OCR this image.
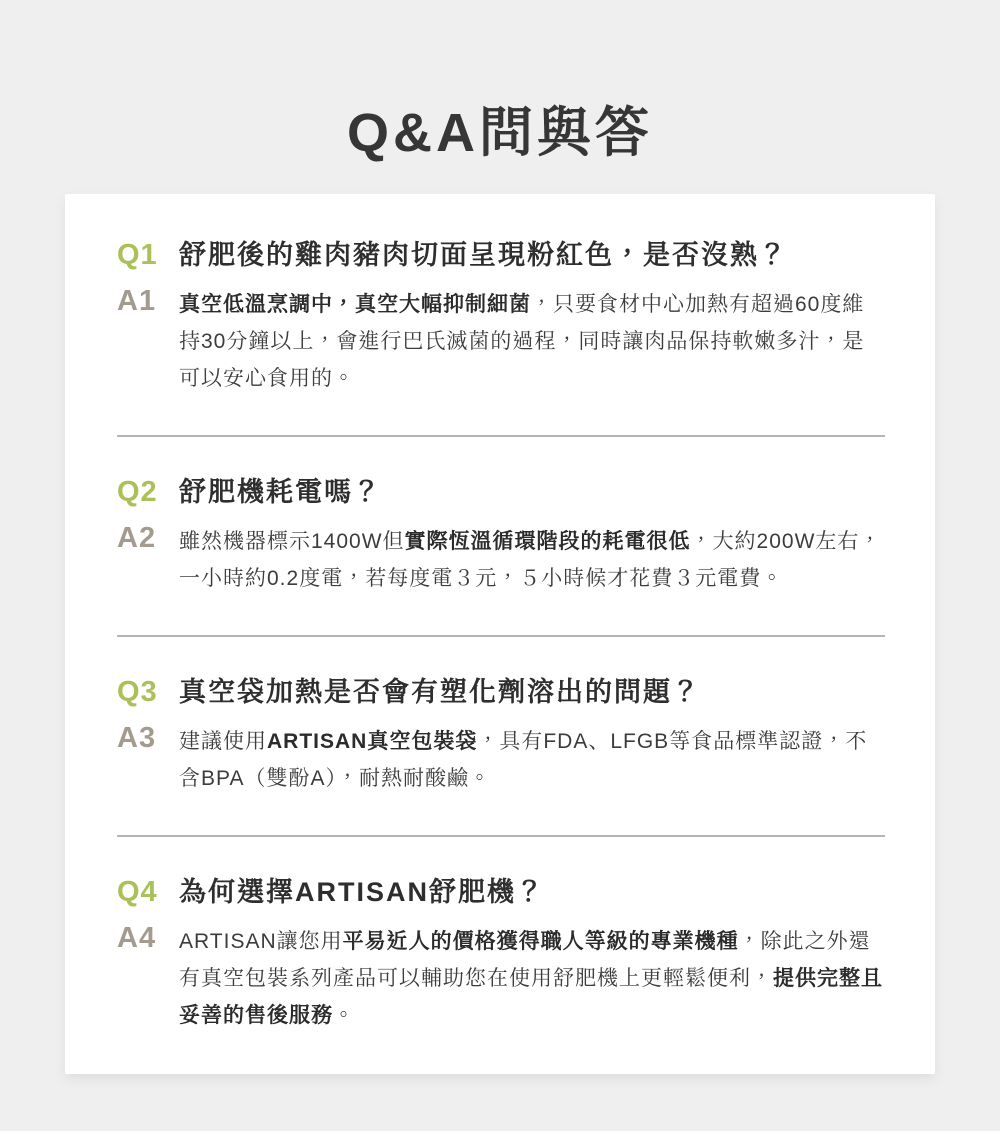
Q&A問與答
Q1 舒肥後的雞肉豬肉切面呈現粉紅色，是否沒熟？
A1	真空低溫烹調中，真空大幅抑制細菌，只要食材中心加熱有超過60度維持30分鐘以上，會進行巴氏滅菌的過程，同時讓肉品保持軟嫩多汁，是可以安心食用的。

Q2 舒肥機耗電嗎？
A2	雖然機器標示1400W但實際恆溫循環階段的耗電很低，大約200W左右，一小時約0.2度電，若每度電３元，５小時候才花費３元電費。

Q3 真空袋加熱是否會有塑化劑溶出的問題？
A3	建議使用ARTISAN真空包裝袋，具有FDA、LFGB等食品標準認證，不含BPA（雙酚A），耐熱耐酸鹼。

Q4 為何選擇ARTISAN舒肥機？
A4	ARTISAN讓您用平易近人的價格獲得職人等級的專業機種，除此之外還有真空包裝系列產品可以輔助您在使用舒肥機上更輕鬆便利，提供完整且妥善的售後服務。
